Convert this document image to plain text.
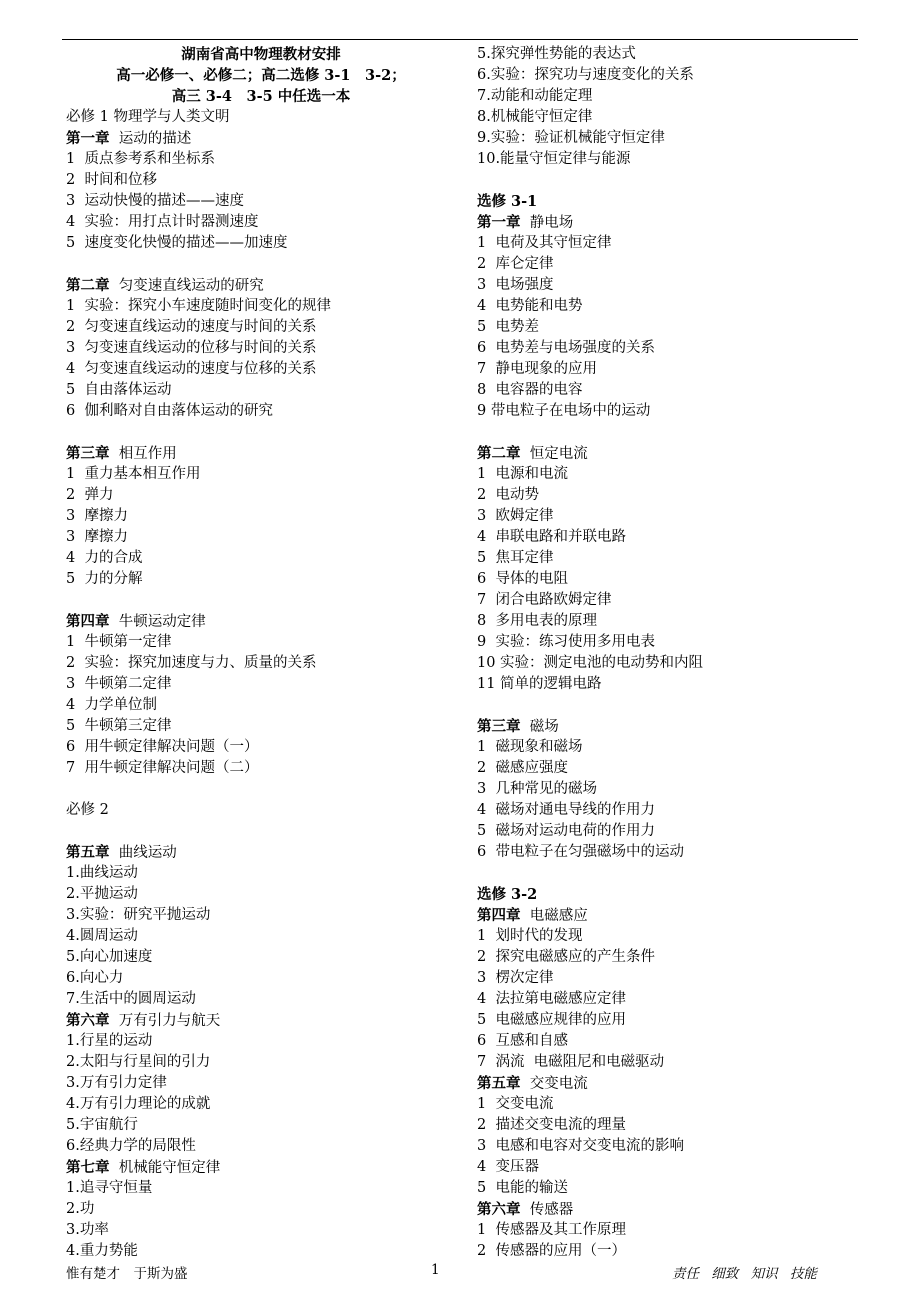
湖南省高中物理教材安排
高一必修一、必修二；高二选修 3-1　3-2；
高三 3-4　3-5 中任选一本
必修 1 物理学与人类文明
第一章  运动的描述
1  质点参考系和坐标系
2  时间和位移
3  运动快慢的描述——速度
4  实验：用打点计时器测速度
5  速度变化快慢的描述——加速度
第二章  匀变速直线运动的研究
1  实验：探究小车速度随时间变化的规律
2  匀变速直线运动的速度与时间的关系
3  匀变速直线运动的位移与时间的关系
4  匀变速直线运动的速度与位移的关系
5  自由落体运动
6  伽利略对自由落体运动的研究
第三章  相互作用
1  重力基本相互作用
2  弹力
3  摩擦力
3  摩擦力
4  力的合成
5  力的分解
第四章  牛顿运动定律
1  牛顿第一定律
2  实验：探究加速度与力、质量的关系
3  牛顿第二定律
4  力学单位制
5  牛顿第三定律
6  用牛顿定律解决问题（一）
7  用牛顿定律解决问题（二）
必修 2
第五章  曲线运动
1.曲线运动
2.平抛运动
3.实验：研究平抛运动
4.圆周运动
5.向心加速度
6.向心力
7.生活中的圆周运动
第六章  万有引力与航天
1.行星的运动
2.太阳与行星间的引力
3.万有引力定律
4.万有引力理论的成就
5.宇宙航行
6.经典力学的局限性
第七章  机械能守恒定律
1.追寻守恒量
2.功
3.功率
4.重力势能
5.探究弹性势能的表达式
6.实验：探究功与速度变化的关系
7.动能和动能定理
8.机械能守恒定律
9.实验：验证机械能守恒定律
10.能量守恒定律与能源
选修 3-1
第一章  静电场
1  电荷及其守恒定律
2  库仑定律
3  电场强度
4  电势能和电势
5  电势差
6  电势差与电场强度的关系
7  静电现象的应用
8  电容器的电容
9 带电粒子在电场中的运动
第二章  恒定电流
1  电源和电流
2  电动势
3  欧姆定律
4  串联电路和并联电路
5  焦耳定律
6  导体的电阻
7  闭合电路欧姆定律
8  多用电表的原理
9  实验：练习使用多用电表
10 实验：测定电池的电动势和内阻
11 简单的逻辑电路
第三章  磁场
1  磁现象和磁场
2  磁感应强度
3  几种常见的磁场
4  磁场对通电导线的作用力
5  磁场对运动电荷的作用力
6  带电粒子在匀强磁场中的运动
选修 3-2
第四章  电磁感应
1  划时代的发现
2  探究电磁感应的产生条件
3  楞次定律
4  法拉第电磁感应定律
5  电磁感应规律的应用
6  互感和自感
7  涡流  电磁阻尼和电磁驱动
第五章  交变电流
1  交变电流
2  描述交变电流的理量
3  电感和电容对交变电流的影响
4  变压器
5  电能的输送
第六章  传感器
1  传感器及其工作原理
2  传感器的应用（一）
惟有楚才　于斯为盛	1	责任 细致 知识 技能
